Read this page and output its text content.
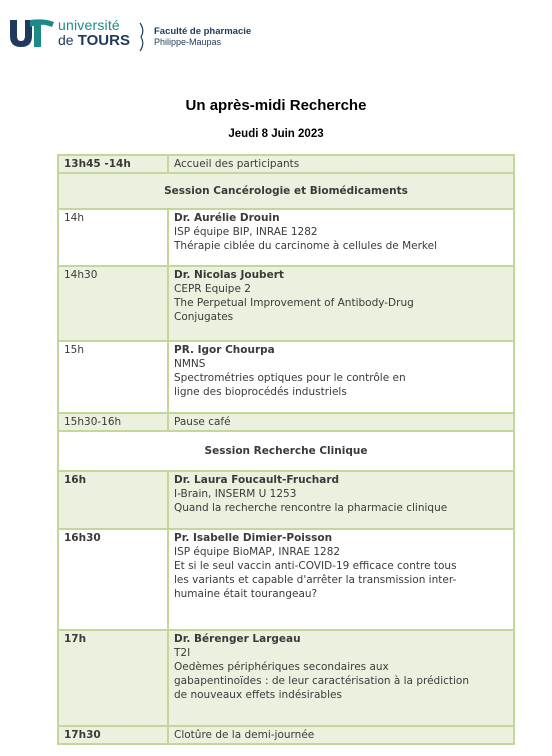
université
de TOURS
Faculté de pharmacie
Philippe-Maupas
Un après-midi Recherche
Jeudi 8 Juin 2023
13h45 -14h	Accueil des participants
Session Cancérologie et Biomédicaments	
14h	Dr. Aurélie Drouin
ISP équipe BIP, INRAE 1282
Thérapie ciblée du carcinome à cellules de Merkel

14h30	Dr. Nicolas Joubert
CEPR Equipe 2
The Perpetual Improvement of Antibody-Drug
Conjugates

15h	PR. Igor Chourpa
NMNS
Spectrométries optiques pour le contrôle en
ligne des bioprocédés industriels

15h30-16h	Pause café
Session Recherche Clinique	
16h	Dr. Laura Foucault-Fruchard
I-Brain, INSERM U 1253
Quand la recherche rencontre la pharmacie clinique

16h30	Pr. Isabelle Dimier-Poisson
ISP équipe BioMAP, INRAE 1282
Et si le seul vaccin anti-COVID-19 efficace contre tous
les variants et capable d'arrêter la transmission inter-
humaine était tourangeau?

17h	Dr. Bérenger Largeau
T2I
Oedèmes périphériques secondaires aux
gabapentinoïdes : de leur caractérisation à la prédiction
de nouveaux effets indésirables

17h30	Clotûre de la demi-journée
